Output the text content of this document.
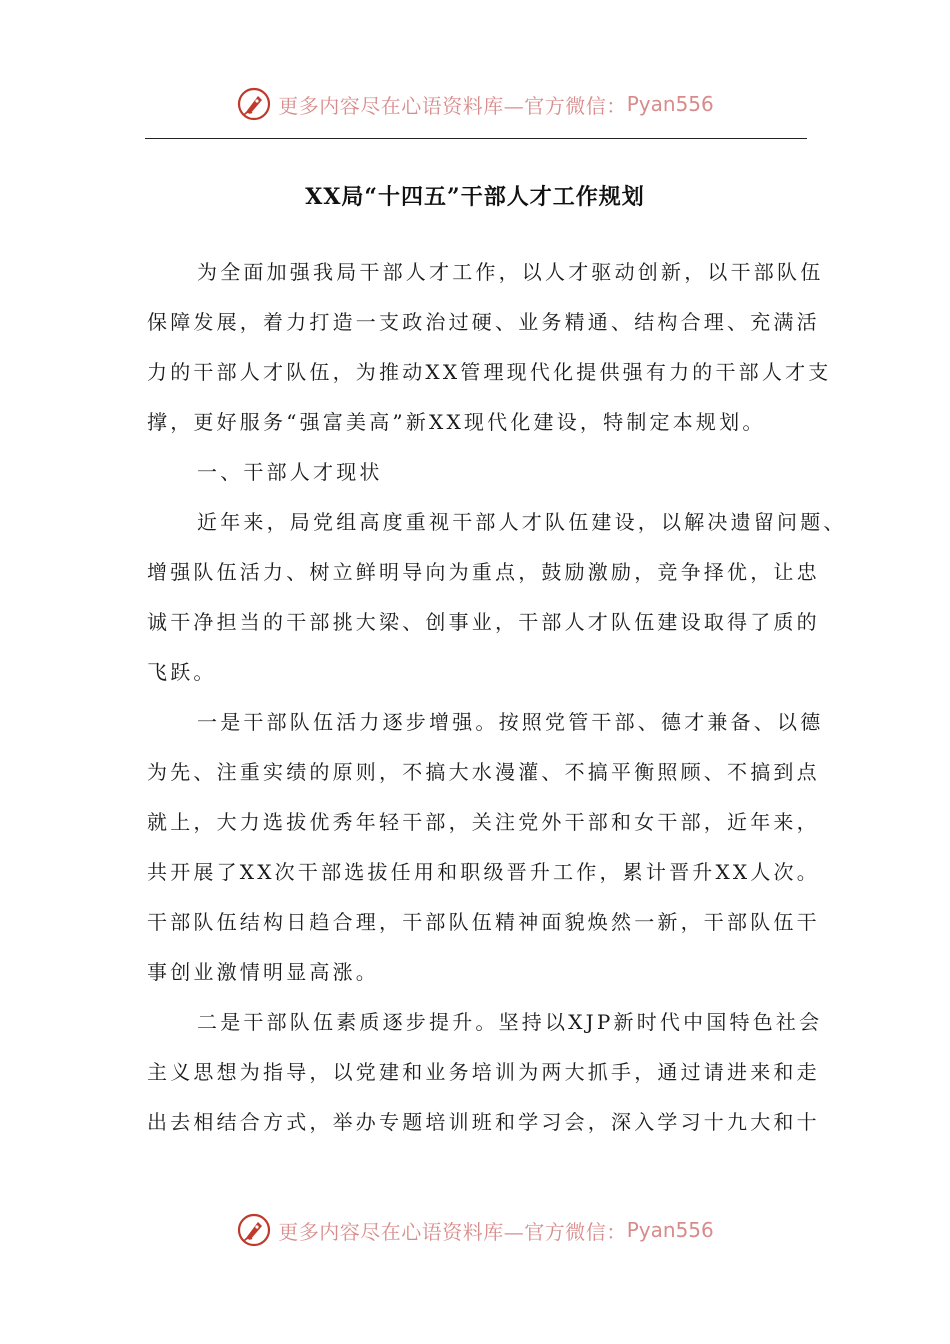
更多内容尽在心语资料库—官方微信： Pyan556
XX局“十四五”干部人才工作规划
为全面加强我局干部人才工作，以人才驱动创新，以干部队伍
保障发展，着力打造一支政治过硬、业务精通、结构合理、充满活
力的干部人才队伍，为推动XX管理现代化提供强有力的干部人才支
撑，更好服务“强富美高”新XX现代化建设，特制定本规划。
一、干部人才现状
近年来，局党组高度重视干部人才队伍建设，以解决遗留问题、
增强队伍活力、树立鲜明导向为重点，鼓励激励，竞争择优，让忠
诚干净担当的干部挑大梁、创事业，干部人才队伍建设取得了质的
飞跃。
一是干部队伍活力逐步增强。按照党管干部、德才兼备、以德
为先、注重实绩的原则，不搞大水漫灌、不搞平衡照顾、不搞到点
就上，大力选拔优秀年轻干部，关注党外干部和女干部，近年来，
共开展了XX次干部选拔任用和职级晋升工作，累计晋升XX人次。
干部队伍结构日趋合理，干部队伍精神面貌焕然一新，干部队伍干
事创业激情明显高涨。
二是干部队伍素质逐步提升。坚持以XJP新时代中国特色社会
主义思想为指导，以党建和业务培训为两大抓手，通过请进来和走
出去相结合方式，举办专题培训班和学习会，深入学习十九大和十
更多内容尽在心语资料库—官方微信： Pyan556
